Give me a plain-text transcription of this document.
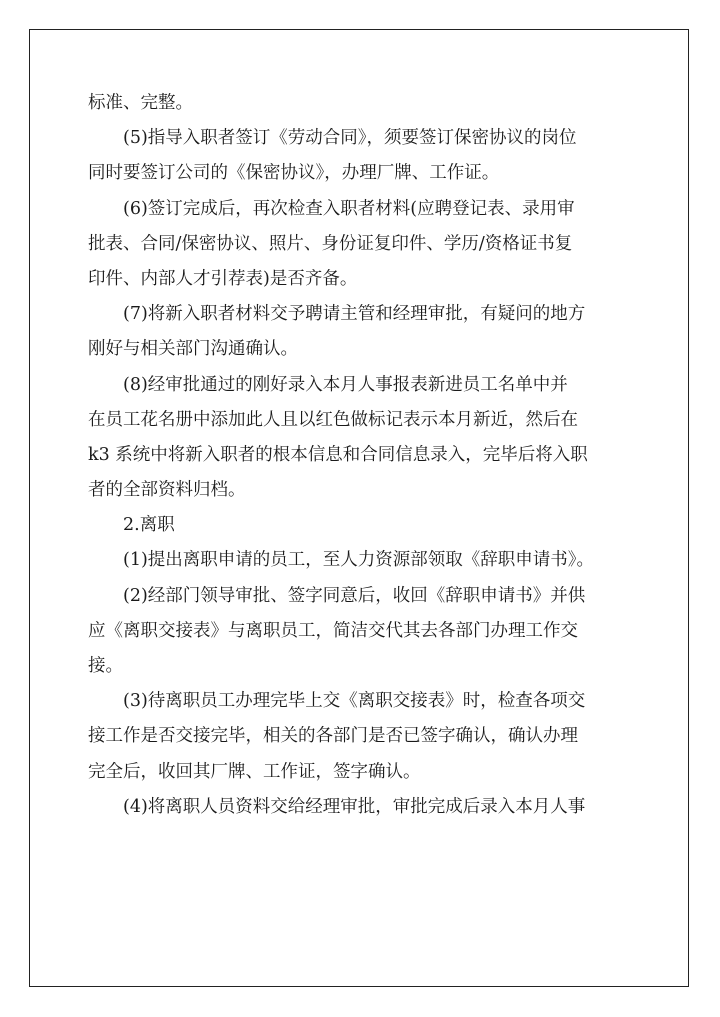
标准、完整。
(5)指导入职者签订《劳动合同》，须要签订保密协议的岗位
同时要签订公司的《保密协议》，办理厂牌、工作证。
(6)签订完成后，再次检查入职者材料(应聘登记表、录用审
批表、合同/保密协议、照片、身份证复印件、学历/资格证书复
印件、内部人才引荐表)是否齐备。
(7)将新入职者材料交予聘请主管和经理审批，有疑问的地方
刚好与相关部门沟通确认。
(8)经审批通过的刚好录入本月人事报表新进员工名单中并
在员工花名册中添加此人且以红色做标记表示本月新近，然后在
k3 系统中将新入职者的根本信息和合同信息录入，完毕后将入职
者的全部资料归档。
2.离职
(1)提出离职申请的员工，至人力资源部领取《辞职申请书》。
(2)经部门领导审批、签字同意后，收回《辞职申请书》并供
应《离职交接表》与离职员工，简洁交代其去各部门办理工作交
接。
(3)待离职员工办理完毕上交《离职交接表》时，检查各项交
接工作是否交接完毕，相关的各部门是否已签字确认，确认办理
完全后，收回其厂牌、工作证，签字确认。
(4)将离职人员资料交给经理审批，审批完成后录入本月人事
